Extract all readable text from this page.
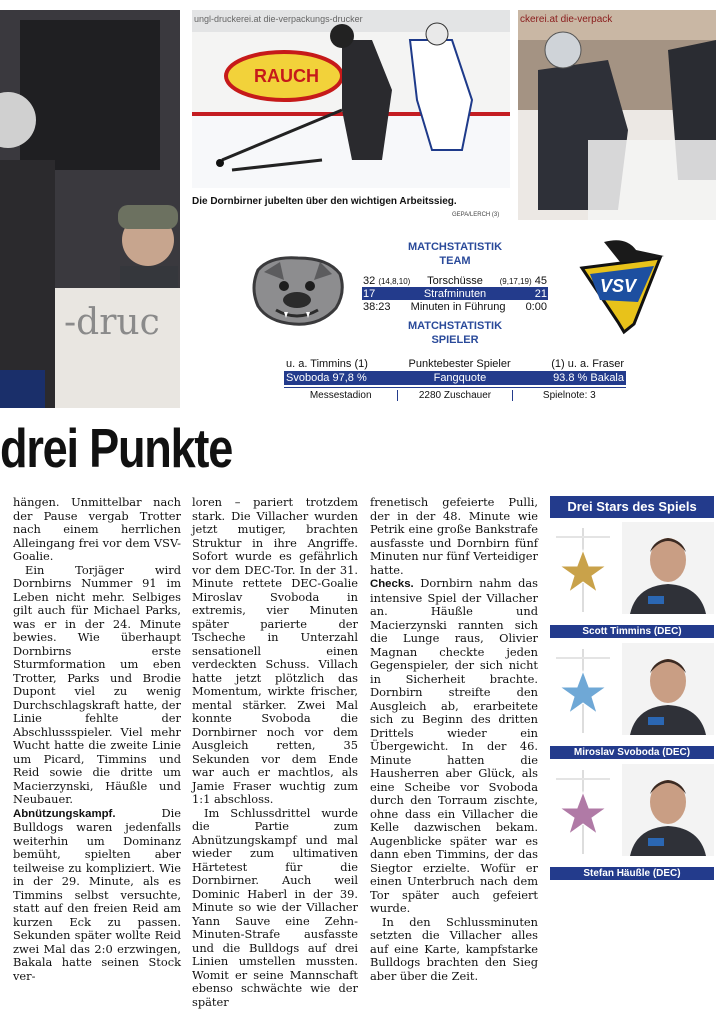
-druc
ungl-druckerei.at die-verpackungs-drucker
RAUCH
ckerei.at die-verpack
Die Dornbirner jubelten über den wichtigen Arbeitssieg.
GEPA/LERCH (3)
VSV
MATCHSTATISTIK
TEAM
32 (14,8,10) Torschüsse (9,17,19) 45
17	Strafminuten	21
38:23 Minuten in Führung 0:00
MATCHSTATISTIK
SPIELER
u. a. Timmins (1)	Punktebester Spieler	(1) u. a. Fraser
Svoboda 97,8 %	Fangquote	93.8 % Bakala
Messestadion	2280 Zuschauer	Spielnote: 3
drei Punkte

hängen. Unmittelbar nach der Pause vergab Trotter nach einem herrlichen Alleingang frei vor dem VSV-Goalie.

Ein Torjäger wird Dornbirns Nummer 91 im Leben nicht mehr. Selbiges gilt auch für Michael Parks, was er in der 24. Minute bewies. Wie überhaupt Dornbirns erste Sturmformation um eben Trotter, Parks und Brodie Dupont viel zu wenig Durchschlagskraft hatte, der Linie fehlte der Abschlussspieler. Viel mehr Wucht hatte die zweite Linie um Picard, Timmins und Reid sowie die dritte um Macierzynski, Häußle und Neubauer.

Abnützungskampf. Die Bulldogs waren jedenfalls weiterhin um Dominanz bemüht, spielten aber teilweise zu kompliziert. Wie in der 29. Minute, als es Timmins selbst versuchte, statt auf den freien Reid am kurzen Eck zu passen. Sekunden später wollte Reid zwei Mal das 2:0 erzwingen, Bakala hatte seinen Stock ver-

loren – pariert trotzdem stark. Die Villacher wurden jetzt mutiger, brachten Struktur in ihre Angriffe. Sofort wurde es gefährlich vor dem DEC-Tor. In der 31. Minute rettete DEC-Goalie Miroslav Svoboda in extremis, vier Minuten später parierte der Tscheche in Unterzahl sensationell einen verdeckten Schuss. Villach hatte jetzt plötzlich das Momentum, wirkte frischer, mental stärker. Zwei Mal konnte Svoboda die Dornbirner noch vor dem Ausgleich retten, 35 Sekunden vor dem Ende war auch er machtlos, als Jamie Fraser wuchtig zum 1:1 abschloss.

Im Schlussdrittel wurde die Partie zum Abnützungskampf und mal wieder zum ultimativen Härtetest für die Dornbirner. Auch weil Dominic Haberl in der 39. Minute so wie der Villacher Yann Sauve eine Zehn-Minuten-Strafe ausfasste und die Bulldogs auf drei Linien umstellen mussten. Womit er seine Mannschaft ebenso schwächte wie der später

frenetisch gefeierte Pulli, der in der 48. Minute wie Petrik eine große Bankstrafe ausfasste und Dornbirn fünf Minuten nur fünf Verteidiger hatte.

Checks. Dornbirn nahm das intensive Spiel der Villacher an. Häußle und Macierzynski rannten sich die Lunge raus, Olivier Magnan checkte jeden Gegenspieler, der sich nicht in Sicherheit brachte. Dornbirn streifte den Ausgleich ab, erarbeitete sich zu Beginn des dritten Drittels wieder ein Übergewicht. In der 46. Minute hatten die Hausherren aber Glück, als eine Scheibe vor Svoboda durch den Torraum zischte, ohne dass ein Villacher die Kelle dazwischen bekam. Augenblicke später war es dann eben Timmins, der das Siegtor erzielte. Wofür er einen Unterbruch nach dem Tor später auch gefeiert wurde.

In den Schlussminuten setzten die Villacher alles auf eine Karte, kampfstarke Bulldogs brachten den Sieg aber über die Zeit.

Drei Stars des Spiels
Scott Timmins (DEC)
Miroslav Svoboda (DEC)
Stefan Häußle (DEC)
